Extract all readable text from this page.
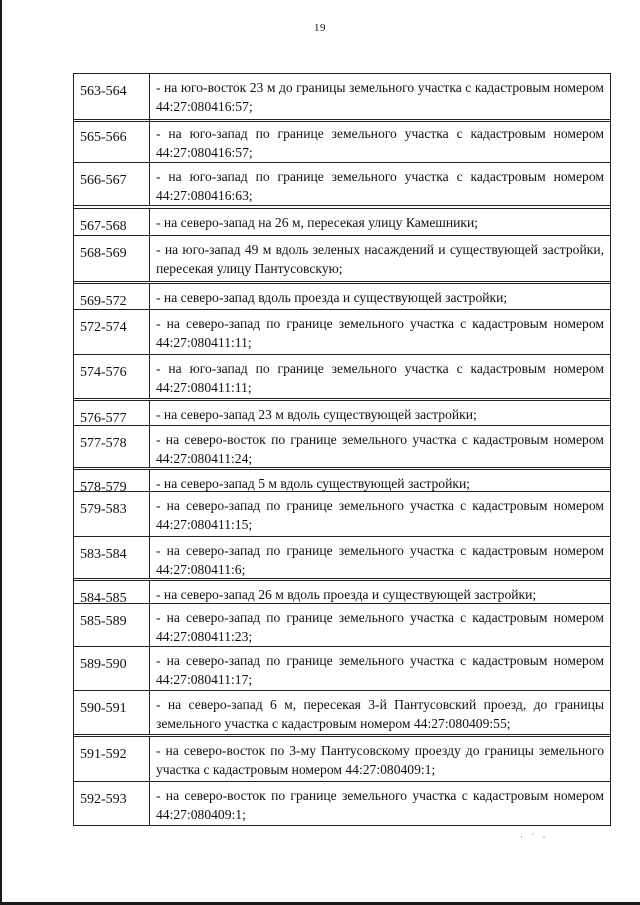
19
563-564	- на юго-восток 23 м до границы земельного участка с кадастровым номером 44:27:080416:57;
565-566	- на юго-запад по границе земельного участка с кадастровым номером 44:27:080416:57;
566-567	- на юго-запад по границе земельного участка с кадастровым номером 44:27:080416:63;
567-568	- на северо-запад на 26 м, пересекая улицу Камешники;
568-569	- на юго-запад 49 м вдоль зеленых насаждений и существующей застройки, пересекая улицу Пантусовскую;
569-572	- на северо-запад вдоль проезда и существующей застройки;
572-574	- на северо-запад по границе земельного участка с кадастровым номером 44:27:080411:11;
574-576	- на юго-запад по границе земельного участка с кадастровым номером 44:27:080411:11;
576-577	- на северо-запад 23 м вдоль существующей застройки;
577-578	- на северо-восток по границе земельного участка с кадастровым номером 44:27:080411:24;
578-579	- на северо-запад 5 м вдоль существующей застройки;
579-583	- на северо-запад по границе земельного участка с кадастровым номером 44:27:080411:15;
583-584	- на северо-запад по границе земельного участка с кадастровым номером 44:27:080411:6;
584-585	- на северо-запад 26 м вдоль проезда и существующей застройки;
585-589	- на северо-запад по границе земельного участка с кадастровым номером 44:27:080411:23;
589-590	- на северо-запад по границе земельного участка с кадастровым номером 44:27:080411:17;
590-591	- на северо-запад 6 м, пересекая 3-й Пантусовский проезд, до границы земельного участка с кадастровым номером 44:27:080409:55;
591-592	- на северо-восток по 3-му Пантусовскому проезду до границы земельного участка с кадастровым номером 44:27:080409:1;
592-593	- на северо-восток по границе земельного участка с кадастровым номером 44:27:080409:1;
· ˙ ·
